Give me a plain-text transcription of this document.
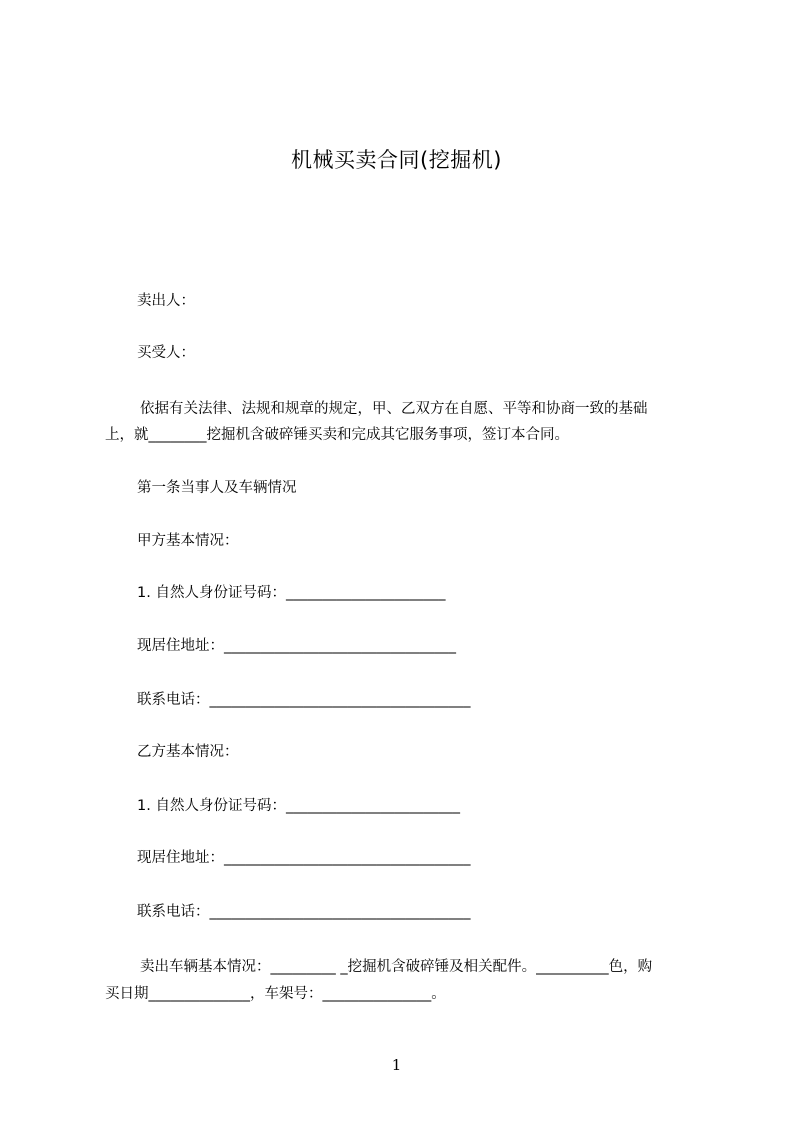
机械买卖合同(挖掘机)
卖出人：
买受人：
依据有关法律、法规和规章的规定，甲、乙双方在自愿、平等和协商一致的基础
上，就________挖掘机含破碎锤买卖和完成其它服务事项，签订本合同。
第一条当事人及车辆情况
甲方基本情况：
1. 自然人身份证号码：______________________
现居住地址：________________________________
联系电话：____________________________________
乙方基本情况：
1. 自然人身份证号码：________________________
现居住地址：__________________________________
联系电话：____________________________________
卖出车辆基本情况：_________ _挖掘机含破碎锤及相关配件。__________色，购
买日期______________，车架号：_______________。
1
